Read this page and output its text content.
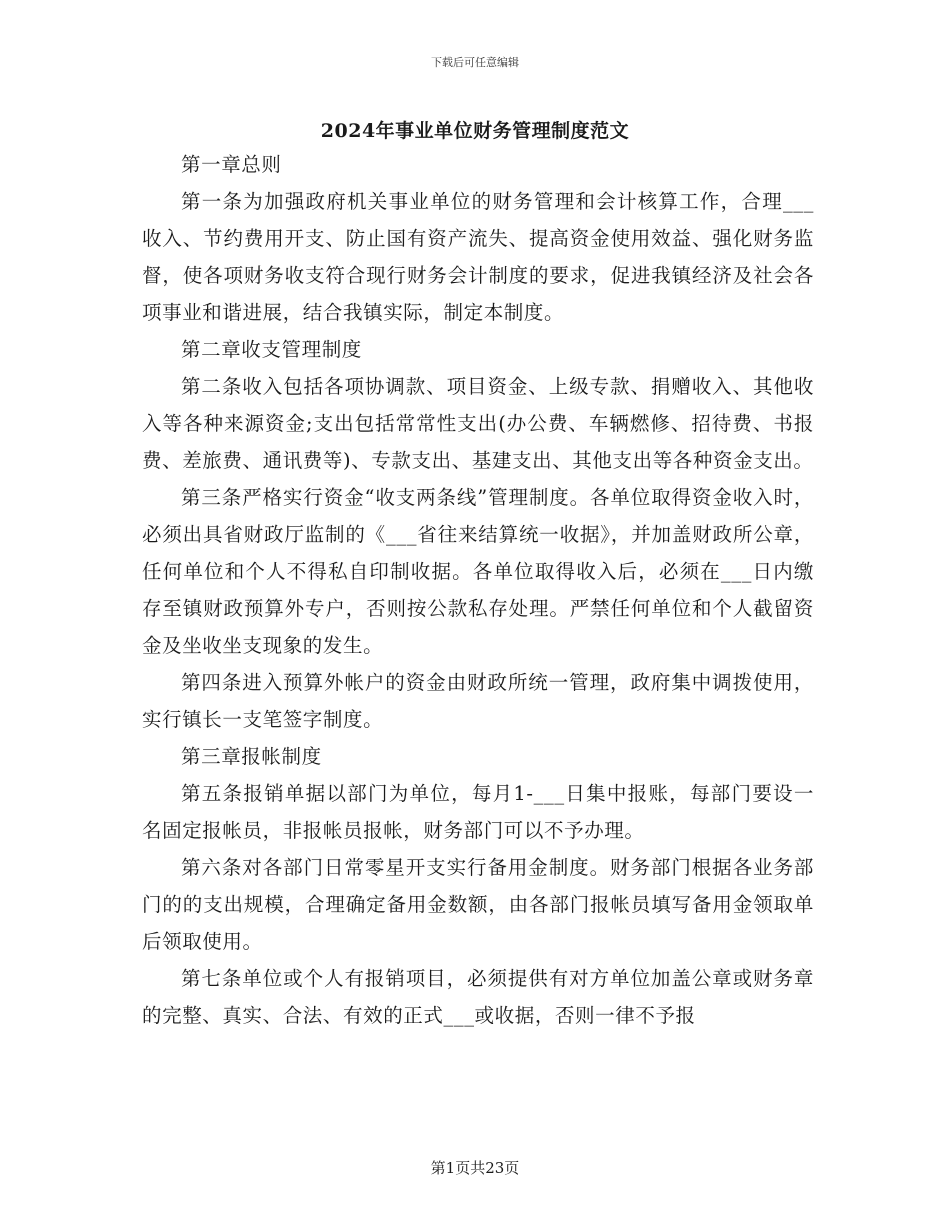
下载后可任意编辑
2024年事业单位财务管理制度范文

第一章总则

第一条为加强政府机关事业单位的财务管理和会计核算工作，合理___收入、节约费用开支、防止国有资产流失、提高资金使用效益、强化财务监督，使各项财务收支符合现行财务会计制度的要求，促进我镇经济及社会各项事业和谐进展，结合我镇实际，制定本制度。

第二章收支管理制度

第二条收入包括各项协调款、项目资金、上级专款、捐赠收入、其他收入等各种来源资金;支出包括常常性支出(办公费、车辆燃修、招待费、书报费、差旅费、通讯费等)、专款支出、基建支出、其他支出等各种资金支出。

第三条严格实行资金“收支两条线”管理制度。各单位取得资金收入时，必须出具省财政厅监制的《___省往来结算统一收据》，并加盖财政所公章，任何单位和个人不得私自印制收据。各单位取得收入后，必须在___日内缴存至镇财政预算外专户，否则按公款私存处理。严禁任何单位和个人截留资金及坐收坐支现象的发生。

第四条进入预算外帐户的资金由财政所统一管理，政府集中调拨使用，实行镇长一支笔签字制度。

第三章报帐制度

第五条报销单据以部门为单位，每月1-___日集中报账，每部门要设一名固定报帐员，非报帐员报帐，财务部门可以不予办理。

第六条对各部门日常零星开支实行备用金制度。财务部门根据各业务部门的的支出规模，合理确定备用金数额，由各部门报帐员填写备用金领取单后领取使用。

第七条单位或个人有报销项目，必须提供有对方单位加盖公章或财务章的完整、真实、合法、有效的正式___或收据，否则一律不予报

第1页共23页
